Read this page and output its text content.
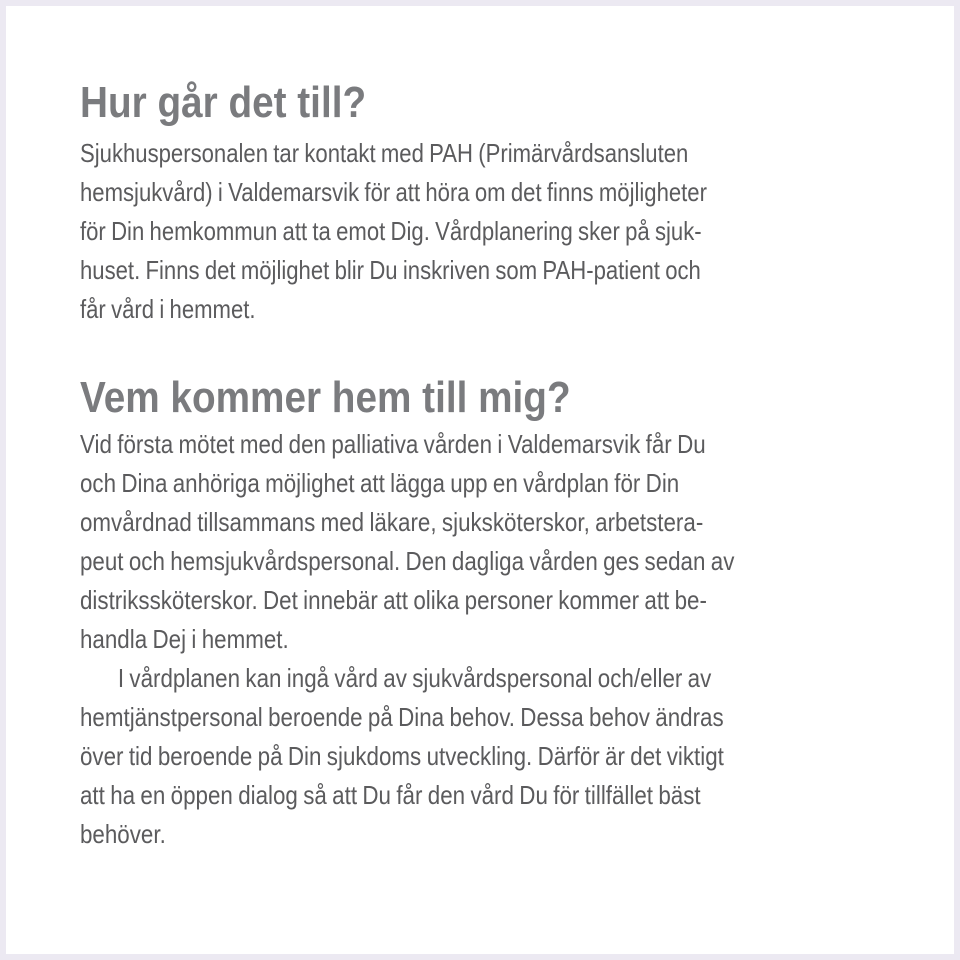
Hur går det till?
Sjukhuspersonalen tar kontakt med PAH (Primärvårdsansluten
hemsjukvård) i Valdemarsvik för att höra om det finns möjligheter
för Din hemkommun att ta emot Dig. Vårdplanering sker på sjuk-
huset. Finns det möjlighet blir Du inskriven som PAH-patient och
får vård i hemmet.
Vem kommer hem till mig?
Vid första mötet med den palliativa vården i Valdemarsvik får Du
och Dina anhöriga möjlighet att lägga upp en vårdplan för Din
omvårdnad tillsammans med läkare, sjuksköterskor, arbetstera-
peut och hemsjukvårdspersonal. Den dagliga vården ges sedan av
distrikssköterskor. Det innebär att olika personer kommer att be-
handla Dej i hemmet.
I vårdplanen kan ingå vård av sjukvårdspersonal och/eller av
hemtjänstpersonal beroende på Dina behov. Dessa behov ändras
över tid beroende på Din sjukdoms utveckling. Därför är det viktigt
att ha en öppen dialog så att Du får den vård Du för tillfället bäst
behöver.
